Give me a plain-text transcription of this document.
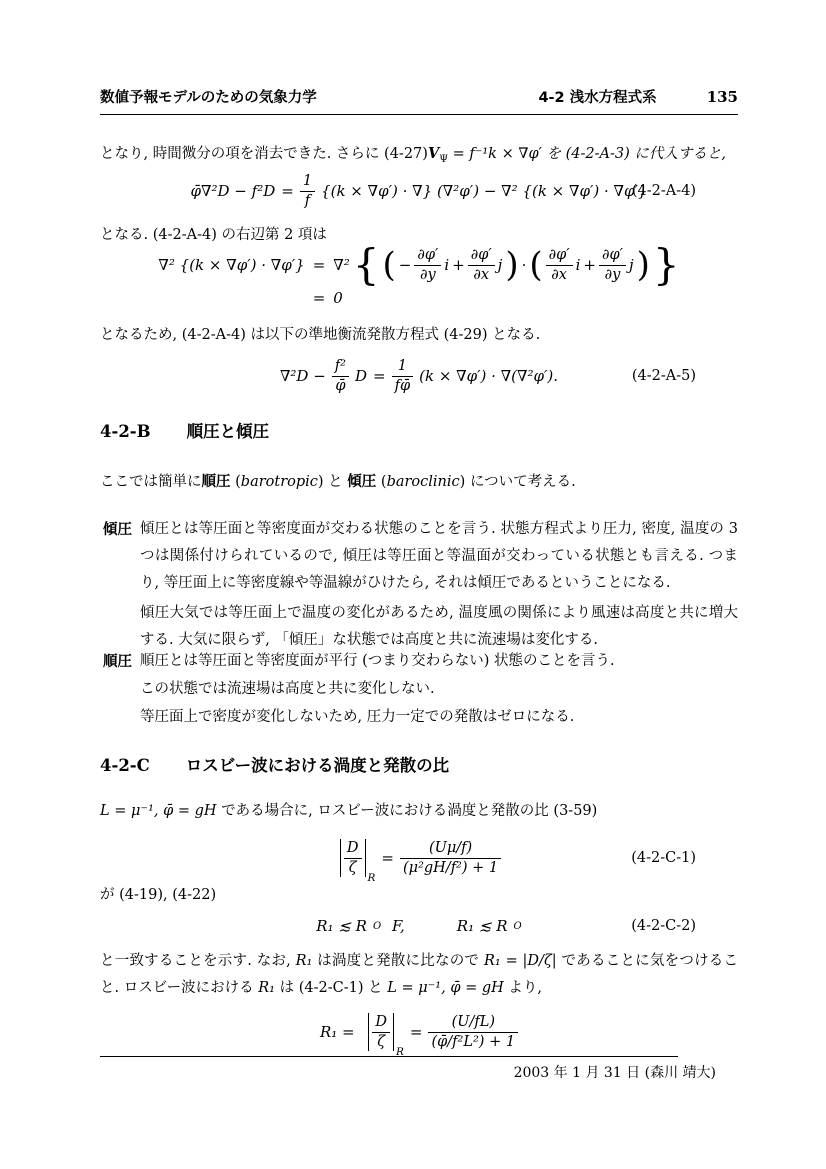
数値予報モデルのための気象力学	4-2 浅水方程式系	135

となり, 時間微分の項を消去できた. さらに $(4-27)V_\Psi = f^{-1}k \times \nabla\varphi'$ を (4-2-A-3) に代入すると,

φ̄∇²D − $f^2D = \frac{1}{f} \{(k \times \nabla\varphi')$ · ∇} (∇²φ′) − ∇² {(k × ∇φ′) · ∇φ′}
(4-2-A-4)

となる. (4-2-A-4) の右辺第 2 項は

∇² {(k × ∇φ′) · ∇φ′} = ∇² { ( − $\frac{\partial\varphi'}{\partial y}$ $i + \frac{\partial\varphi'}{\partial x}$ j ) · ( $\frac{\partial\varphi'}{\partial x}$ $i + \frac{\partial\varphi'}{\partial y}$ j ) }
= 0

となるため, (4-2-A-4) は以下の準地衡流発散方程式 (4-29) となる.

$\nabla^2D - \frac{\text{f²}}{\varphī}$ $D = \frac{1}{f\varphī} (k \times \nabla\varphi') \cdot \nabla(\nabla^2\varphi')$.	(4-2-A-5)
4-2-B 順圧と傾圧

ここでは簡単に順圧 (barotropic) と 傾圧 (baroclinic) について考える.

傾圧 傾圧とは等圧面と等密度面が交わる状態のことを言う. 状態方程式より圧力, 密度, 温度の 3 つは関係付けられているので, 傾圧は等圧面と等温面が交わっている状態とも言える. つまり, 等圧面上に等密度線や等温線がひけたら, それは傾圧であるということになる.

傾圧大気では等圧面上で温度の変化があるため, 温度風の関係により風速は高度と共に増大する. 大気に限らず, 「傾圧」な状態では高度と共に流速場は変化する.

順圧 順圧とは等圧面と等密度面が平行 (つまり交わらない) 状態のことを言う.

この状態では流速場は高度と共に変化しない.

等圧面上で密度が変化しないため, 圧力一定での発散はゼロになる.

4-2-C ロスビー波における渦度と発散の比

L = μ⁻¹, φ̄ = gH である場合に, ロスビー波における渦度と発散の比 (3-59)

$\frac{D}{\zeta}$
R
= $\frac{(U\mu/f)}{\text{(μ²gH/f²) + 1}}$	(4-2-C-1)

が (4-19), (4-22)

R₁ ≲ R O F,	R₁ ≲ R O	(4-2-C-2)

と一致することを示す. なお, R₁ は渦度と発散に比なので R₁ = |D/ζ| であることに気をつけること. ロスビー波における R₁ は (4-2-C-1) と L = μ⁻¹, φ̄ = gH より,

$R_1 = \frac{D}{\zeta}$
R
= $\frac{(U/fL)}{\text{(φ̄/f²L²) + 1}}$
2003 年 1 月 31 日 (森川 靖大)
